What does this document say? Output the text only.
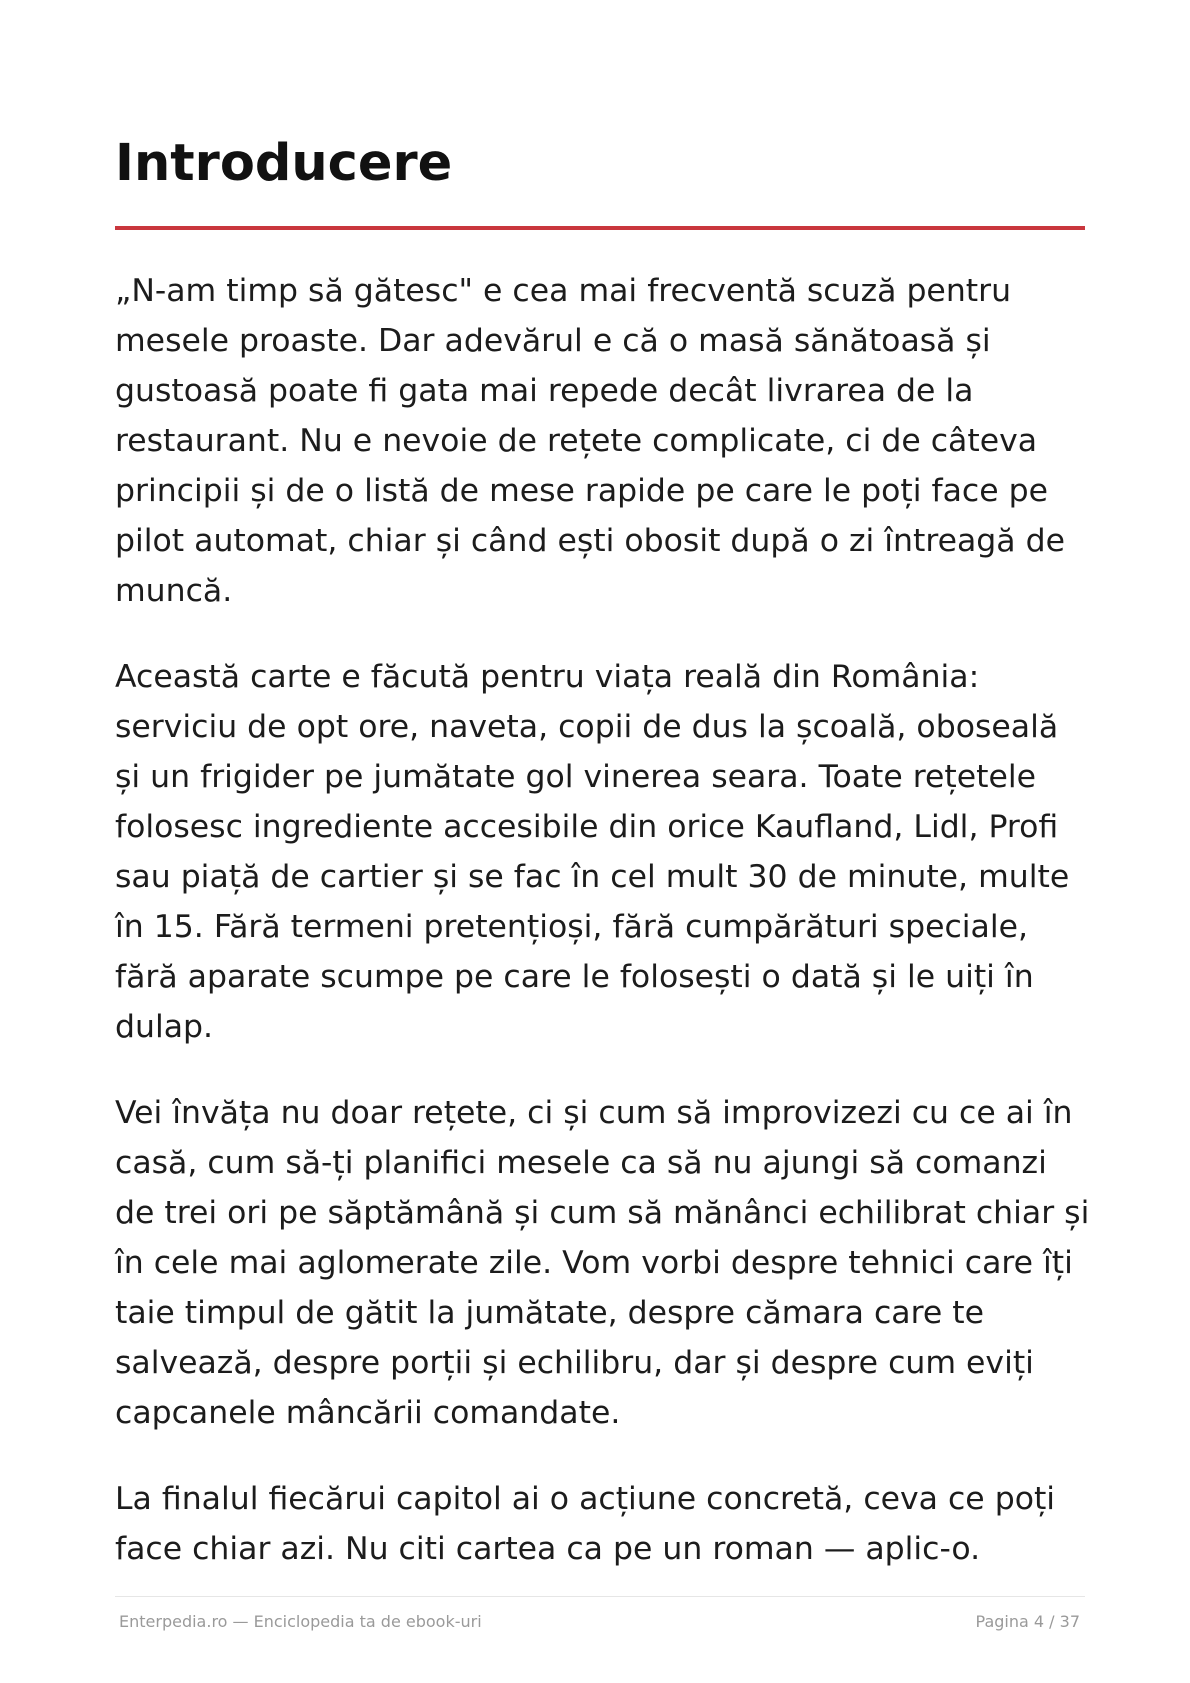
Introducere

„N-am timp să gătesc" e cea mai frecventă scuză pentru mesele proaste. Dar adevărul e că o masă sănătoasă și gustoasă poate fi gata mai repede decât livrarea de la restaurant. Nu e nevoie de rețete complicate, ci de câteva principii și de o listă de mese rapide pe care le poți face pe pilot automat, chiar și când ești obosit după o zi întreagă de muncă.

Această carte e făcută pentru viața reală din România: serviciu de opt ore, naveta, copii de dus la școală, oboseală și un frigider pe jumătate gol vinerea seara. Toate rețetele folosesc ingrediente accesibile din orice Kaufland, Lidl, Profi sau piață de cartier și se fac în cel mult 30 de minute, multe în 15. Fără termeni pretențioși, fără cumpărături speciale, fără aparate scumpe pe care le folosești o dată și le uiți în dulap.

Vei învăța nu doar rețete, ci și cum să improvizezi cu ce ai în casă, cum să-ți planifici mesele ca să nu ajungi să comanzi de trei ori pe săptămână și cum să mănânci echilibrat chiar și în cele mai aglomerate zile. Vom vorbi despre tehnici care îți taie timpul de gătit la jumătate, despre cămara care te salvează, despre porții și echilibru, dar și despre cum eviți capcanele mâncării comandate.

La finalul fiecărui capitol ai o acțiune concretă, ceva ce poți face chiar azi. Nu citi cartea ca pe un roman — aplic-o.

Enterpedia.ro — Enciclopedia ta de ebook-uri	Pagina 4 / 37
